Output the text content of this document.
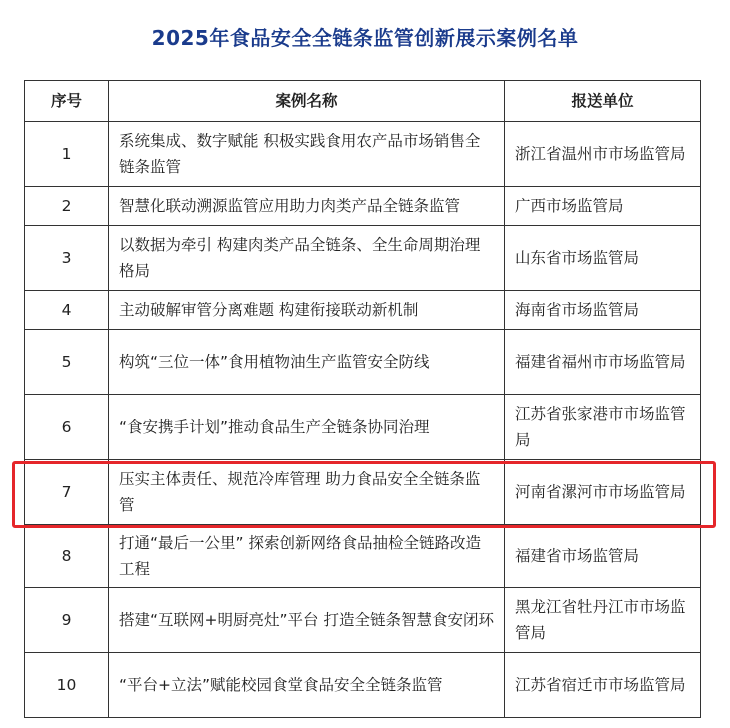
2025年食品安全全链条监管创新展示案例名单
序号	案例名称	报送单位
1	系统集成、数字赋能 积极实践食用农产品市场销售全链条监管	浙江省温州市市场监管局
2	智慧化联动溯源监管应用助力肉类产品全链条监管	广西市场监管局
3	以数据为牵引 构建肉类产品全链条、全生命周期治理格局	山东省市场监管局
4	主动破解审管分离难题 构建衔接联动新机制	海南省市场监管局
5	构筑“三位一体”食用植物油生产监管安全防线	福建省福州市市场监管局
6	“食安携手计划”推动食品生产全链条协同治理	江苏省张家港市市场监管局
7	压实主体责任、规范冷库管理 助力食品安全全链条监管	河南省漯河市市场监管局
8	打通“最后一公里” 探索创新网络食品抽检全链路改造工程	福建省市场监管局
9	搭建“互联网+明厨亮灶”平台 打造全链条智慧食安闭环	黑龙江省牡丹江市市场监管局
10	“平台+立法”赋能校园食堂食品安全全链条监管	江苏省宿迁市市场监管局
